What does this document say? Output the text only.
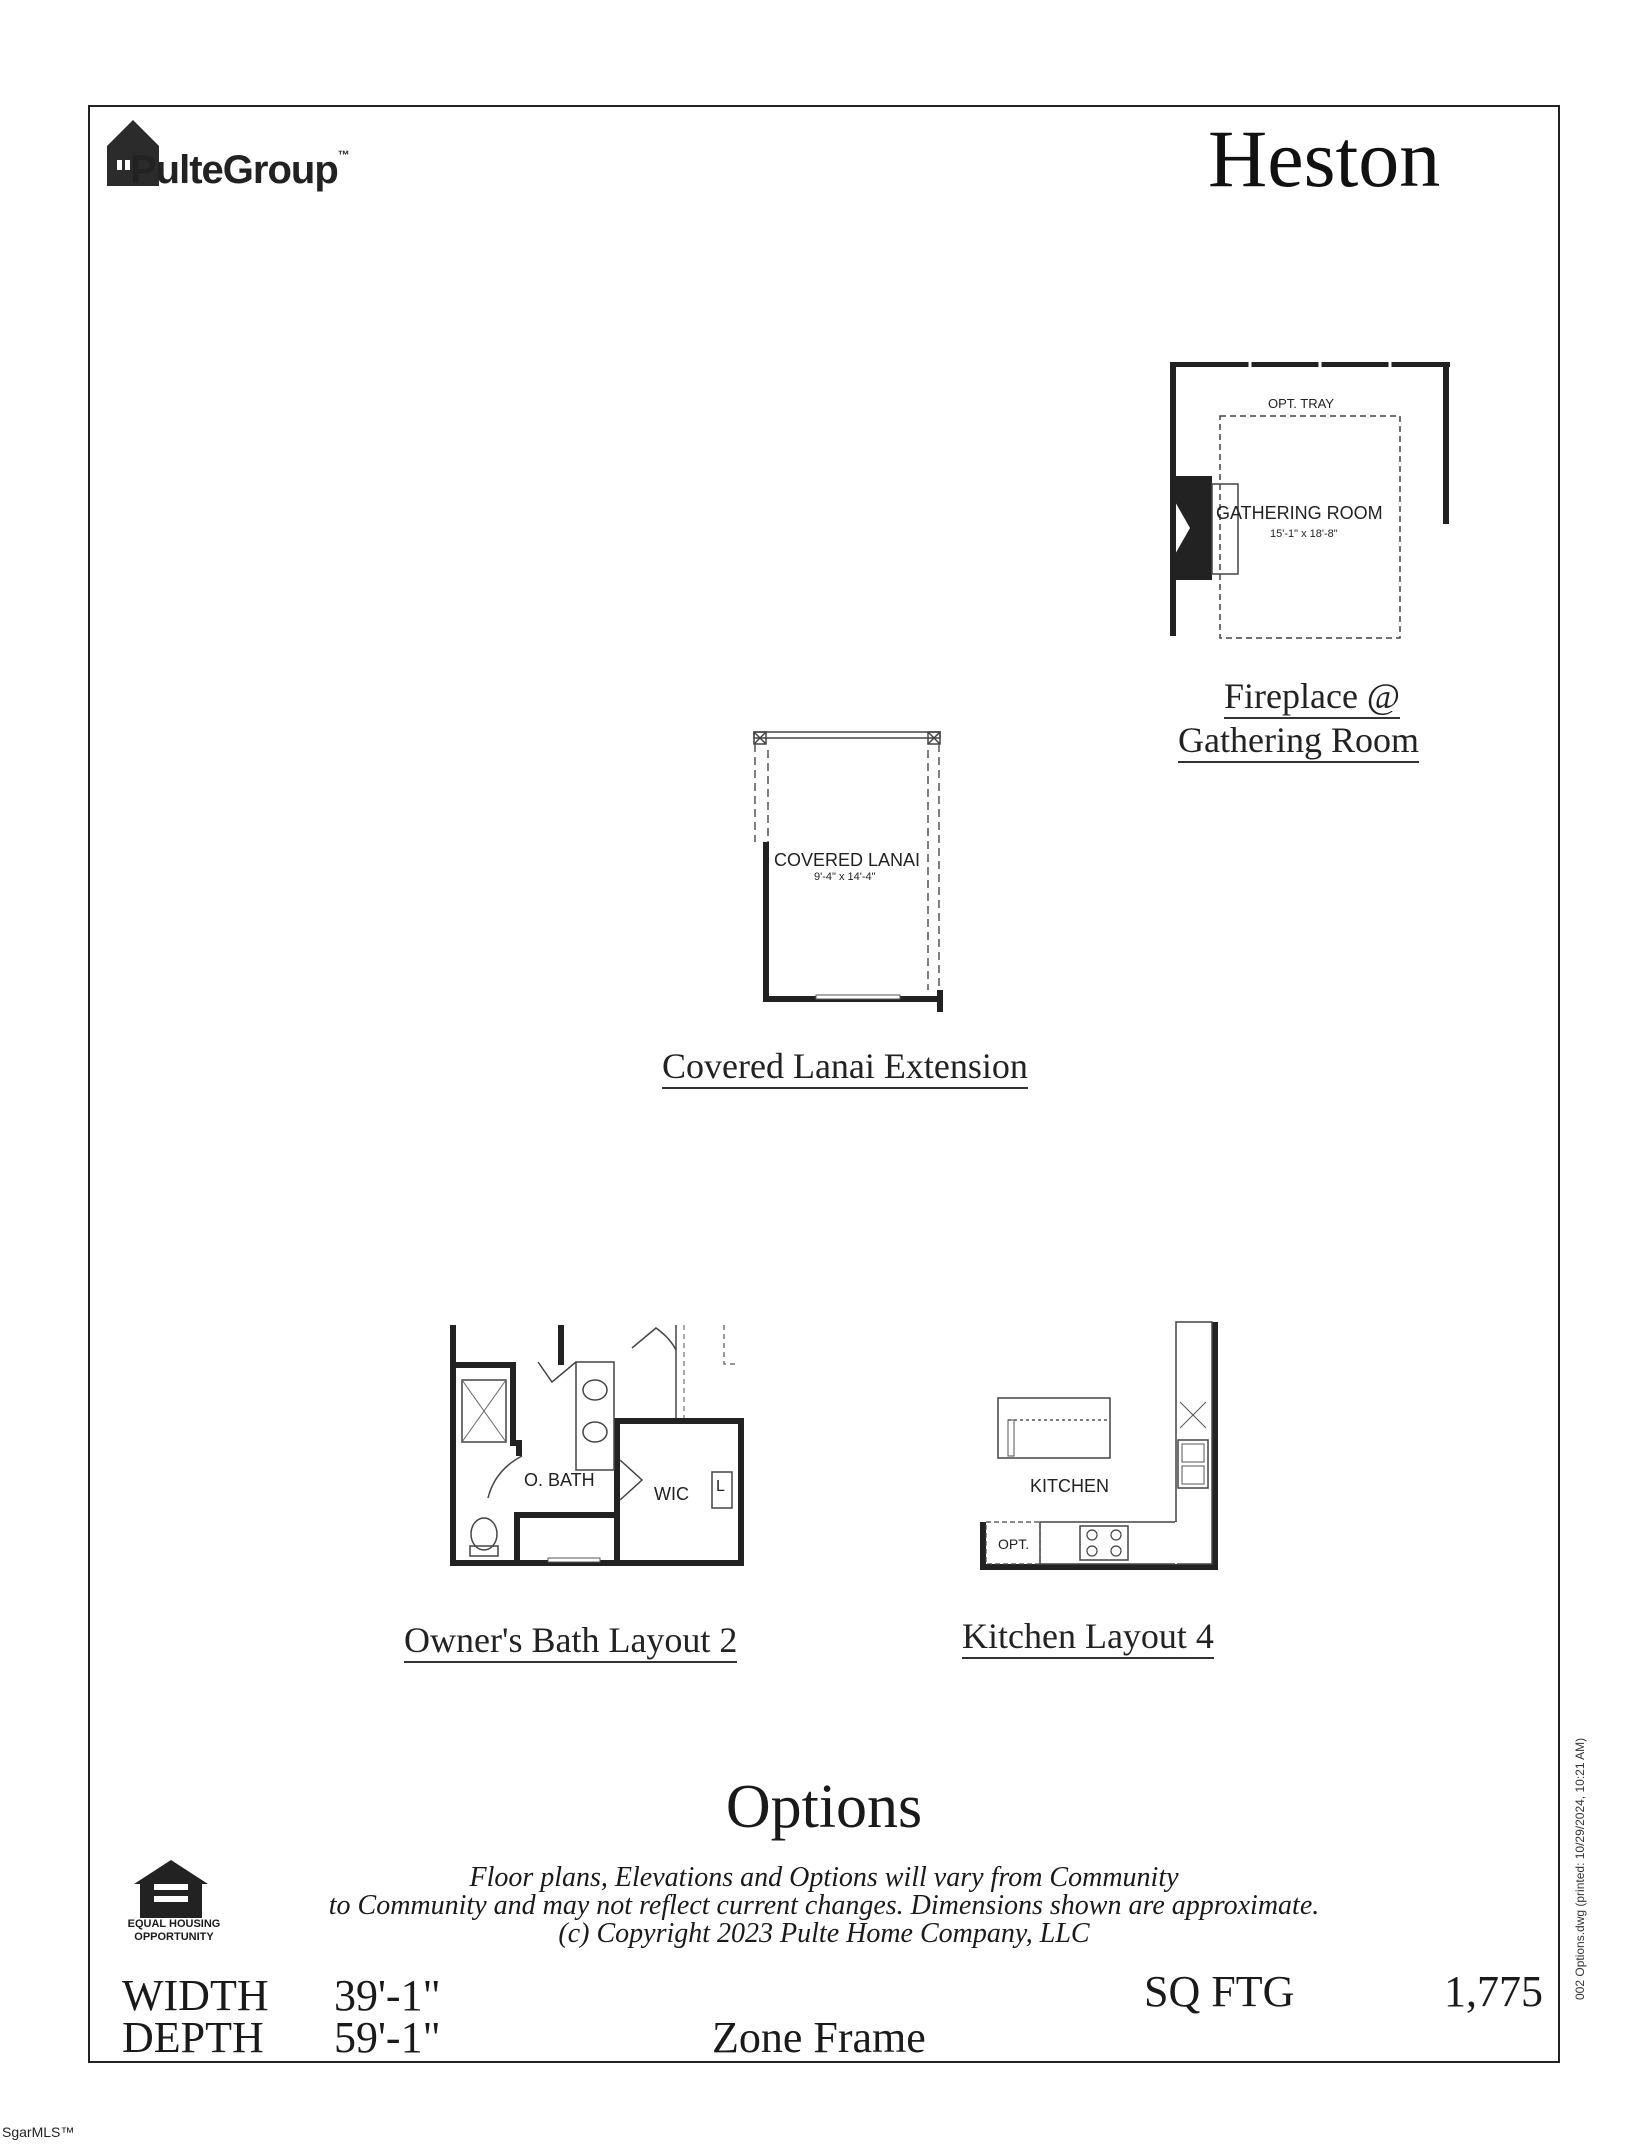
PulteGroup™	Heston
OPT. TRAY
GATHERING ROOM
15'-1" x 18'-8"
Fireplace @
Gathering Room
COVERED LANAI
9'-4" x 14'-4"
Covered Lanai Extension
O. BATH
WIC L
Owner's Bath Layout 2
KITCHEN
OPT.
Kitchen Layout 4
Options
Floor plans, Elevations and Options will vary from Community
to Community and may not reflect current changes. Dimensions shown are approximate.
(c) Copyright 2023 Pulte Home Company, LLC
EQUAL HOUSING
OPPORTUNITY
WIDTH 39'-1"
DEPTH 59'-1"
SQ FTG	1,775
Zone Frame
002 Options.dwg (printed: 10/29/2024, 10:21 AM)
SgarMLS™
